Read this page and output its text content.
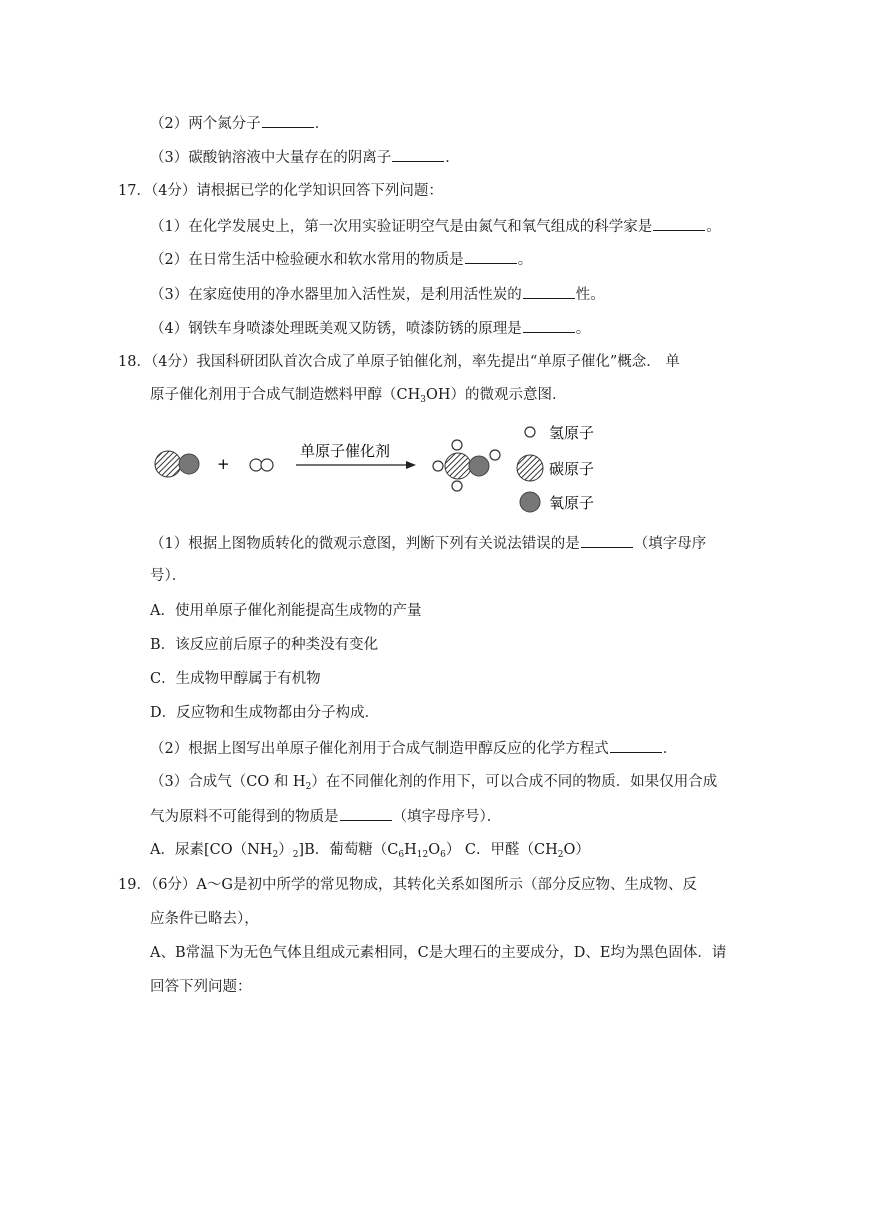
（2）两个氮分子	．
（3）碳酸钠溶液中大量存在的阴离子	．
17．（4分）请根据已学的化学知识回答下列问题：
（1）在化学发展史上，第一次用实验证明空气是由氮气和氧气组成的科学家是	。
（2）在日常生活中检验硬水和软水常用的物质是	。
（3）在家庭使用的净水器里加入活性炭，是利用活性炭的	性。
（4）钢铁车身喷漆处理既美观又防锈，喷漆防锈的原理是	。
18．（4分）我国科研团队首次合成了单原子铂催化剂，率先提出“单原子催化”概念． 单
原子催化剂用于合成气制造燃料甲醇$(CH_3OH)$的微观示意图．
+
单原子催化剂
氢原子
碳原子
氧原子
（1）根据上图物质转化的微观示意图，判断下列有关说法错误的是	（填字母序
号）．
A．使用单原子催化剂能提高生成物的产量
B．该反应前后原子的种类没有变化
C．生成物甲醇属于有机物
D．反应物和生成物都由分子构成．
（2）根据上图写出单原子催化剂用于合成气制造甲醇反应的化学方程式	．
（3）合成气（CO 和 $H_2$）在不同催化剂的作用下，可以合成不同的物质．如果仅用合成
气为原料不可能得到的物质是	（填字母序号）．
A．尿素$[CO(NH_2)_2]B$．葡萄糖$(C_6H_{12}O_6)$ C．甲醛$(CH_2O)$
19．（6分）A～G是初中所学的常见物成，其转化关系如图所示（部分反应物、生成物、反
应条件已略去），
A、B常温下为无色气体且组成元素相同，C是大理石的主要成分，D、E均为黑色固体．请
回答下列问题：
